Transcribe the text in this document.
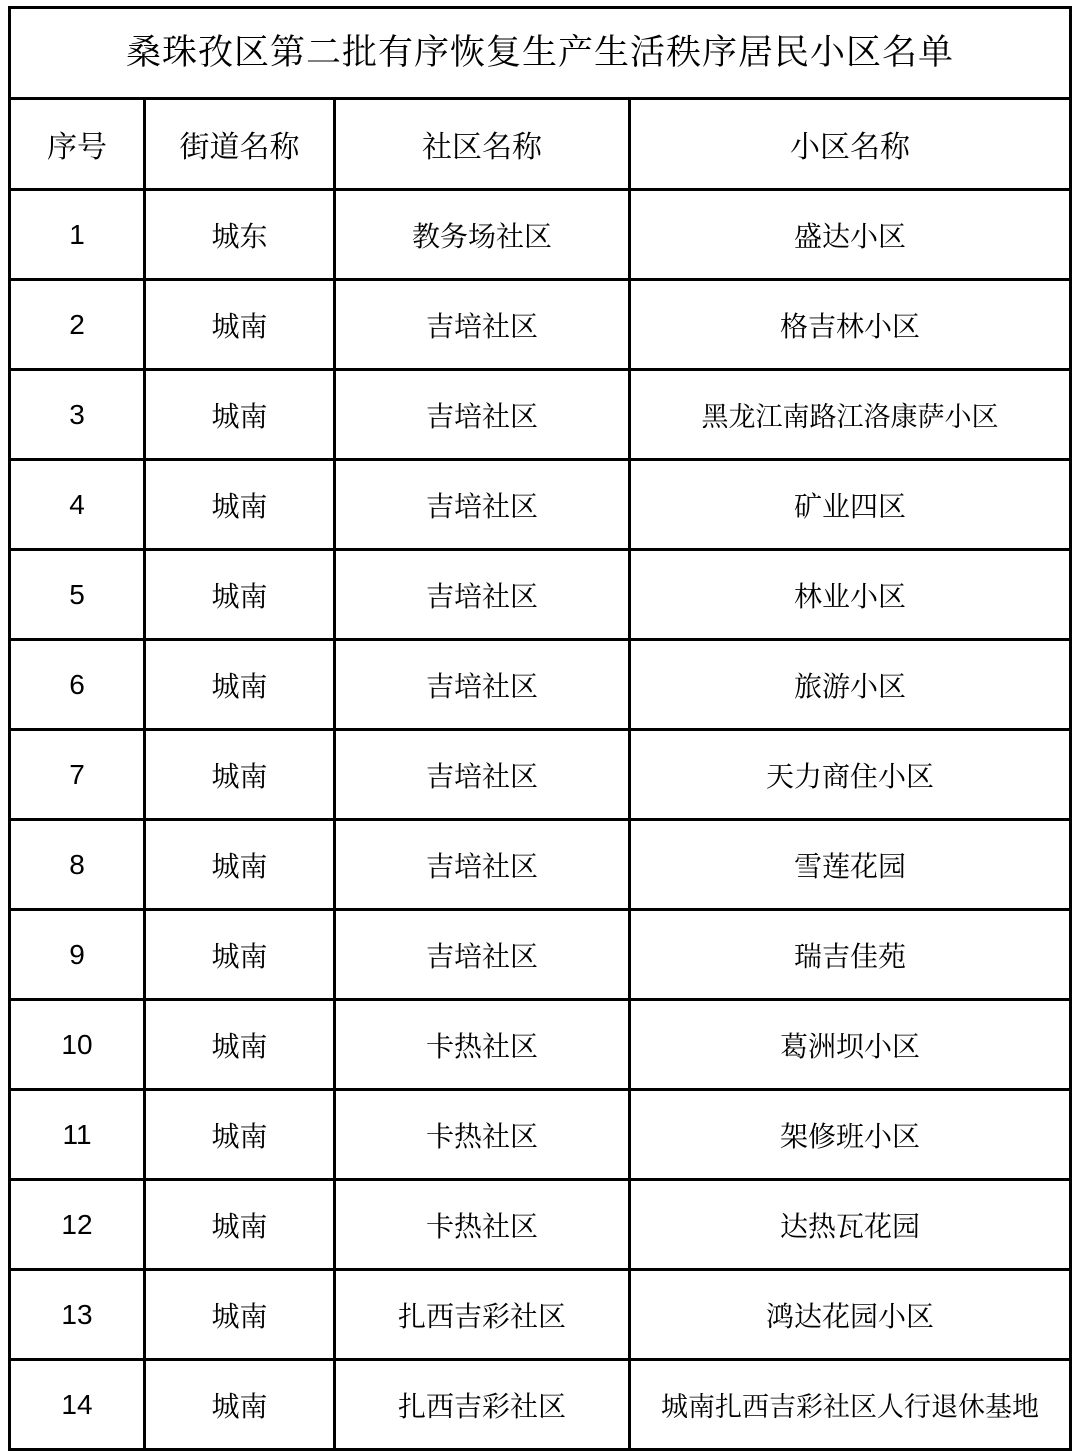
桑珠孜区第二批有序恢复生产生活秩序居民小区名单			
序号	街道名称	社区名称	小区名称
1	城东	教务场社区	盛达小区
2	城南	吉培社区	格吉林小区
3	城南	吉培社区	黑龙江南路江洛康萨小区
4	城南	吉培社区	矿业四区
5	城南	吉培社区	林业小区
6	城南	吉培社区	旅游小区
7	城南	吉培社区	天力商住小区
8	城南	吉培社区	雪莲花园
9	城南	吉培社区	瑞吉佳苑
10	城南	卡热社区	葛洲坝小区
11	城南	卡热社区	架修班小区
12	城南	卡热社区	达热瓦花园
13	城南	扎西吉彩社区	鸿达花园小区
14	城南	扎西吉彩社区	城南扎西吉彩社区人行退休基地
